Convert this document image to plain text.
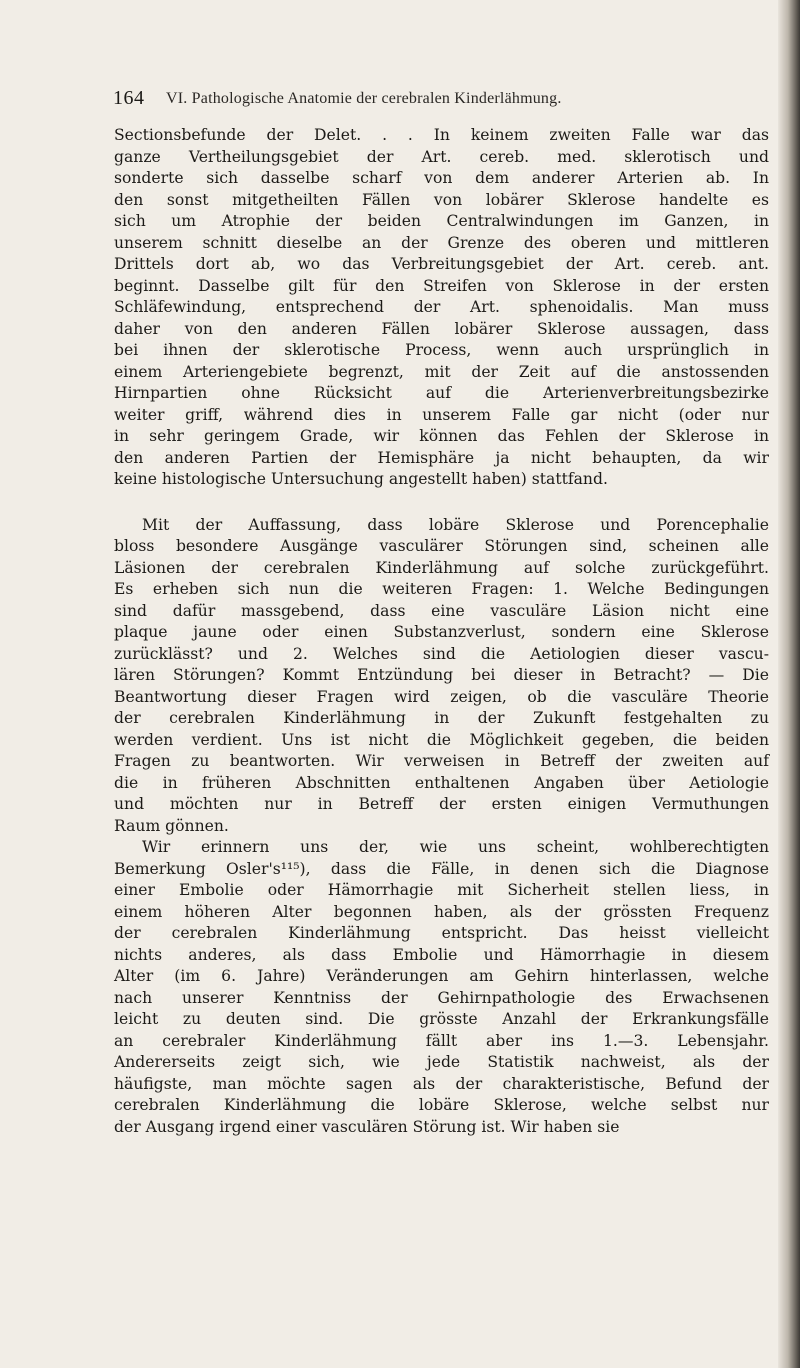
164 VI. Pathologische Anatomie der cerebralen Kinderlähmung.
Sectionsbefunde der Delet. . . In keinem zweiten Falle war das
ganze Vertheilungsgebiet der Art. cereb. med. sklerotisch und
sonderte sich dasselbe scharf von dem anderer Arterien ab. In
den sonst mitgetheilten Fällen von lobärer Sklerose handelte es
sich um Atrophie der beiden Centralwindungen im Ganzen, in
unserem schnitt dieselbe an der Grenze des oberen und mittleren
Drittels dort ab, wo das Verbreitungsgebiet der Art. cereb. ant.
beginnt. Dasselbe gilt für den Streifen von Sklerose in der ersten
Schläfewindung, entsprechend der Art. sphenoidalis. Man muss
daher von den anderen Fällen lobärer Sklerose aussagen, dass
bei ihnen der sklerotische Process, wenn auch ursprünglich in
einem Arteriengebiete begrenzt, mit der Zeit auf die anstossenden
Hirnpartien ohne Rücksicht auf die Arterienverbreitungsbezirke
weiter griff, während dies in unserem Falle gar nicht (oder nur
in sehr geringem Grade, wir können das Fehlen der Sklerose in
den anderen Partien der Hemisphäre ja nicht behaupten, da wir
keine histologische Untersuchung angestellt haben) stattfand.
Mit der Auffassung, dass lobäre Sklerose und Porencephalie
bloss besondere Ausgänge vasculärer Störungen sind, scheinen alle
Läsionen der cerebralen Kinderlähmung auf solche zurückgeführt.
Es erheben sich nun die weiteren Fragen: 1. Welche Bedingungen
sind dafür massgebend, dass eine vasculäre Läsion nicht eine
plaque jaune oder einen Substanzverlust, sondern eine Sklerose
zurücklässt? und 2. Welches sind die Aetiologien dieser vascu-
lären Störungen? Kommt Entzündung bei dieser in Betracht? — Die
Beantwortung dieser Fragen wird zeigen, ob die vasculäre Theorie
der cerebralen Kinderlähmung in der Zukunft festgehalten zu
werden verdient. Uns ist nicht die Möglichkeit gegeben, die beiden
Fragen zu beantworten. Wir verweisen in Betreff der zweiten auf
die in früheren Abschnitten enthaltenen Angaben über Aetiologie
und möchten nur in Betreff der ersten einigen Vermuthungen
Raum gönnen.
Wir erinnern uns der, wie uns scheint, wohlberechtigten
Bemerkung Osler's¹¹⁵), dass die Fälle, in denen sich die Diagnose
einer Embolie oder Hämorrhagie mit Sicherheit stellen liess, in
einem höheren Alter begonnen haben, als der grössten Frequenz
der cerebralen Kinderlähmung entspricht. Das heisst vielleicht
nichts anderes, als dass Embolie und Hämorrhagie in diesem
Alter (im 6. Jahre) Veränderungen am Gehirn hinterlassen, welche
nach unserer Kenntniss der Gehirnpathologie des Erwachsenen
leicht zu deuten sind. Die grösste Anzahl der Erkrankungsfälle
an cerebraler Kinderlähmung fällt aber ins 1.—3. Lebensjahr.
Andererseits zeigt sich, wie jede Statistik nachweist, als der
häufigste, man möchte sagen als der charakteristische, Befund der
cerebralen Kinderlähmung die lobäre Sklerose, welche selbst nur
der Ausgang irgend einer vasculären Störung ist. Wir haben sie
